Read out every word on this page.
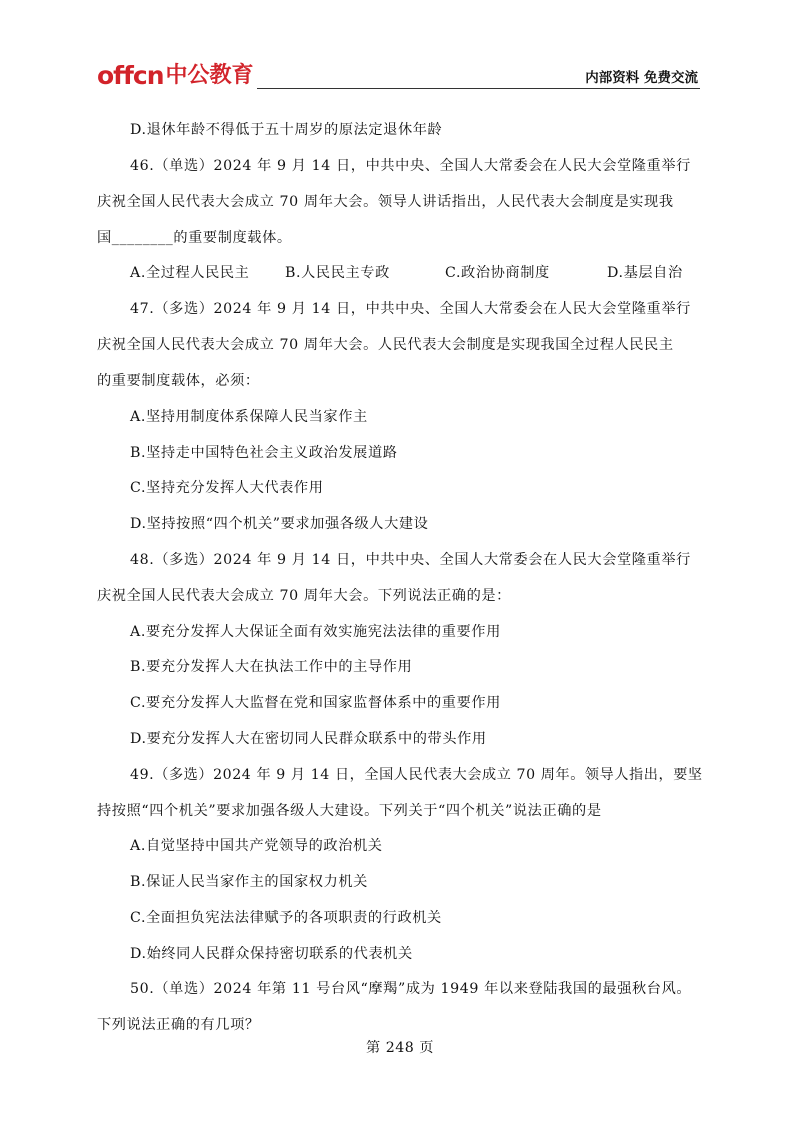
offcn 中公教育	内部资料 免费交流
D.退休年龄不得低于五十周岁的原法定退休年龄
46.（单选）2024 年 9 月 14 日，中共中央、全国人大常委会在人民大会堂隆重举行
庆祝全国人民代表大会成立 70 周年大会。领导人讲话指出，人民代表大会制度是实现我
国________的重要制度载体。
A.全过程人民民主	B.人民民主专政	C.政治协商制度	D.基层自治
47.（多选）2024 年 9 月 14 日，中共中央、全国人大常委会在人民大会堂隆重举行
庆祝全国人民代表大会成立 70 周年大会。人民代表大会制度是实现我国全过程人民民主
的重要制度载体，必须：
A.坚持用制度体系保障人民当家作主
B.坚持走中国特色社会主义政治发展道路
C.坚持充分发挥人大代表作用
D.坚持按照“四个机关”要求加强各级人大建设
48.（多选）2024 年 9 月 14 日，中共中央、全国人大常委会在人民大会堂隆重举行
庆祝全国人民代表大会成立 70 周年大会。下列说法正确的是：
A.要充分发挥人大保证全面有效实施宪法法律的重要作用
B.要充分发挥人大在执法工作中的主导作用
C.要充分发挥人大监督在党和国家监督体系中的重要作用
D.要充分发挥人大在密切同人民群众联系中的带头作用
49.（多选）2024 年 9 月 14 日，全国人民代表大会成立 70 周年。领导人指出，要坚
持按照“四个机关”要求加强各级人大建设。下列关于“四个机关”说法正确的是
A.自觉坚持中国共产党领导的政治机关
B.保证人民当家作主的国家权力机关
C.全面担负宪法法律赋予的各项职责的行政机关
D.始终同人民群众保持密切联系的代表机关
50.（单选）2024 年第 11 号台风“摩羯”成为 1949 年以来登陆我国的最强秋台风。
下列说法正确的有几项？
第 248 页
